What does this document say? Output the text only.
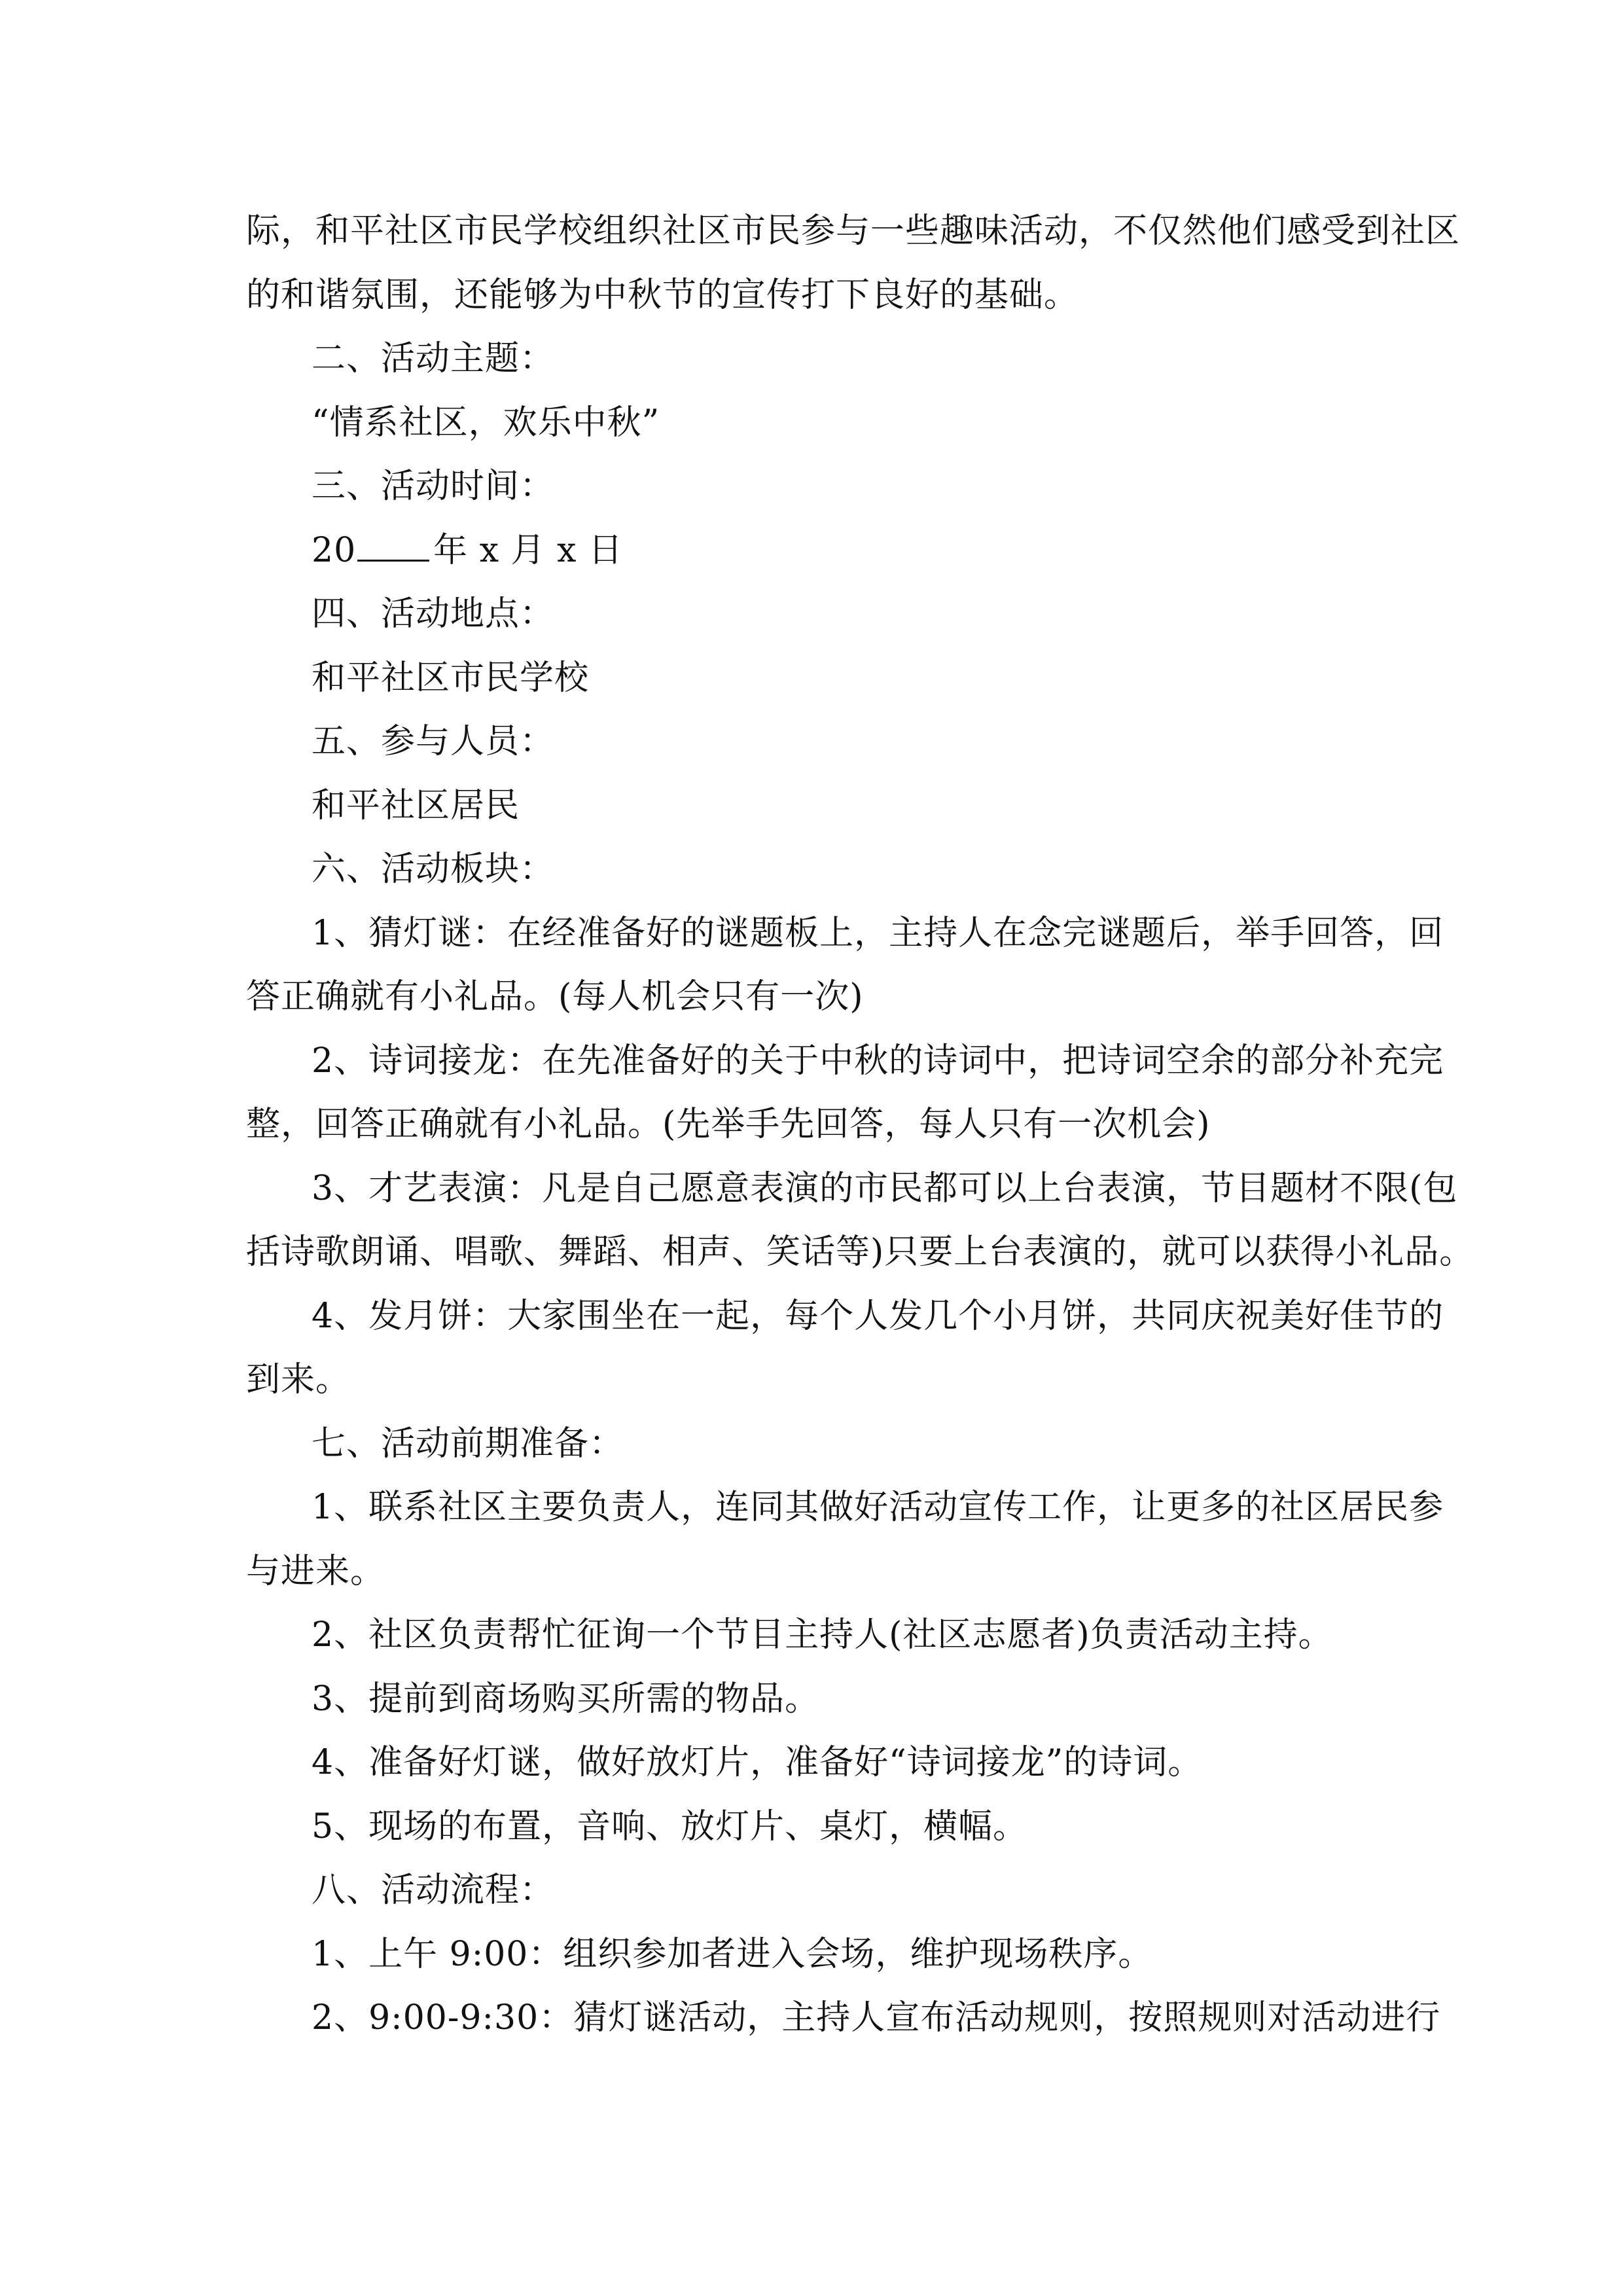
际，和平社区市民学校组织社区市民参与一些趣味活动，不仅然他们感受到社区
的和谐氛围，还能够为中秋节的宣传打下良好的基础。
二、活动主题：
“情系社区，欢乐中秋”
三、活动时间：
20 年 x 月 x 日
四、活动地点：
和平社区市民学校
五、参与人员：
和平社区居民
六、活动板块：
1、猜灯谜：在经准备好的谜题板上，主持人在念完谜题后，举手回答，回
答正确就有小礼品。(每人机会只有一次)
2、诗词接龙：在先准备好的关于中秋的诗词中，把诗词空余的部分补充完
整，回答正确就有小礼品。(先举手先回答，每人只有一次机会)
3、才艺表演：凡是自己愿意表演的市民都可以上台表演，节目题材不限(包
括诗歌朗诵、唱歌、舞蹈、相声、笑话等)只要上台表演的，就可以获得小礼品。
4、发月饼：大家围坐在一起，每个人发几个小月饼，共同庆祝美好佳节的
到来。
七、活动前期准备：
1、联系社区主要负责人，连同其做好活动宣传工作，让更多的社区居民参
与进来。
2、社区负责帮忙征询一个节目主持人(社区志愿者)负责活动主持。
3、提前到商场购买所需的物品。
4、准备好灯谜，做好放灯片，准备好“诗词接龙”的诗词。
5、现场的布置，音响、放灯片、桌灯，横幅。
八、活动流程：
1、上午 9:00：组织参加者进入会场，维护现场秩序。
2、9:00-9:30：猜灯谜活动，主持人宣布活动规则，按照规则对活动进行
